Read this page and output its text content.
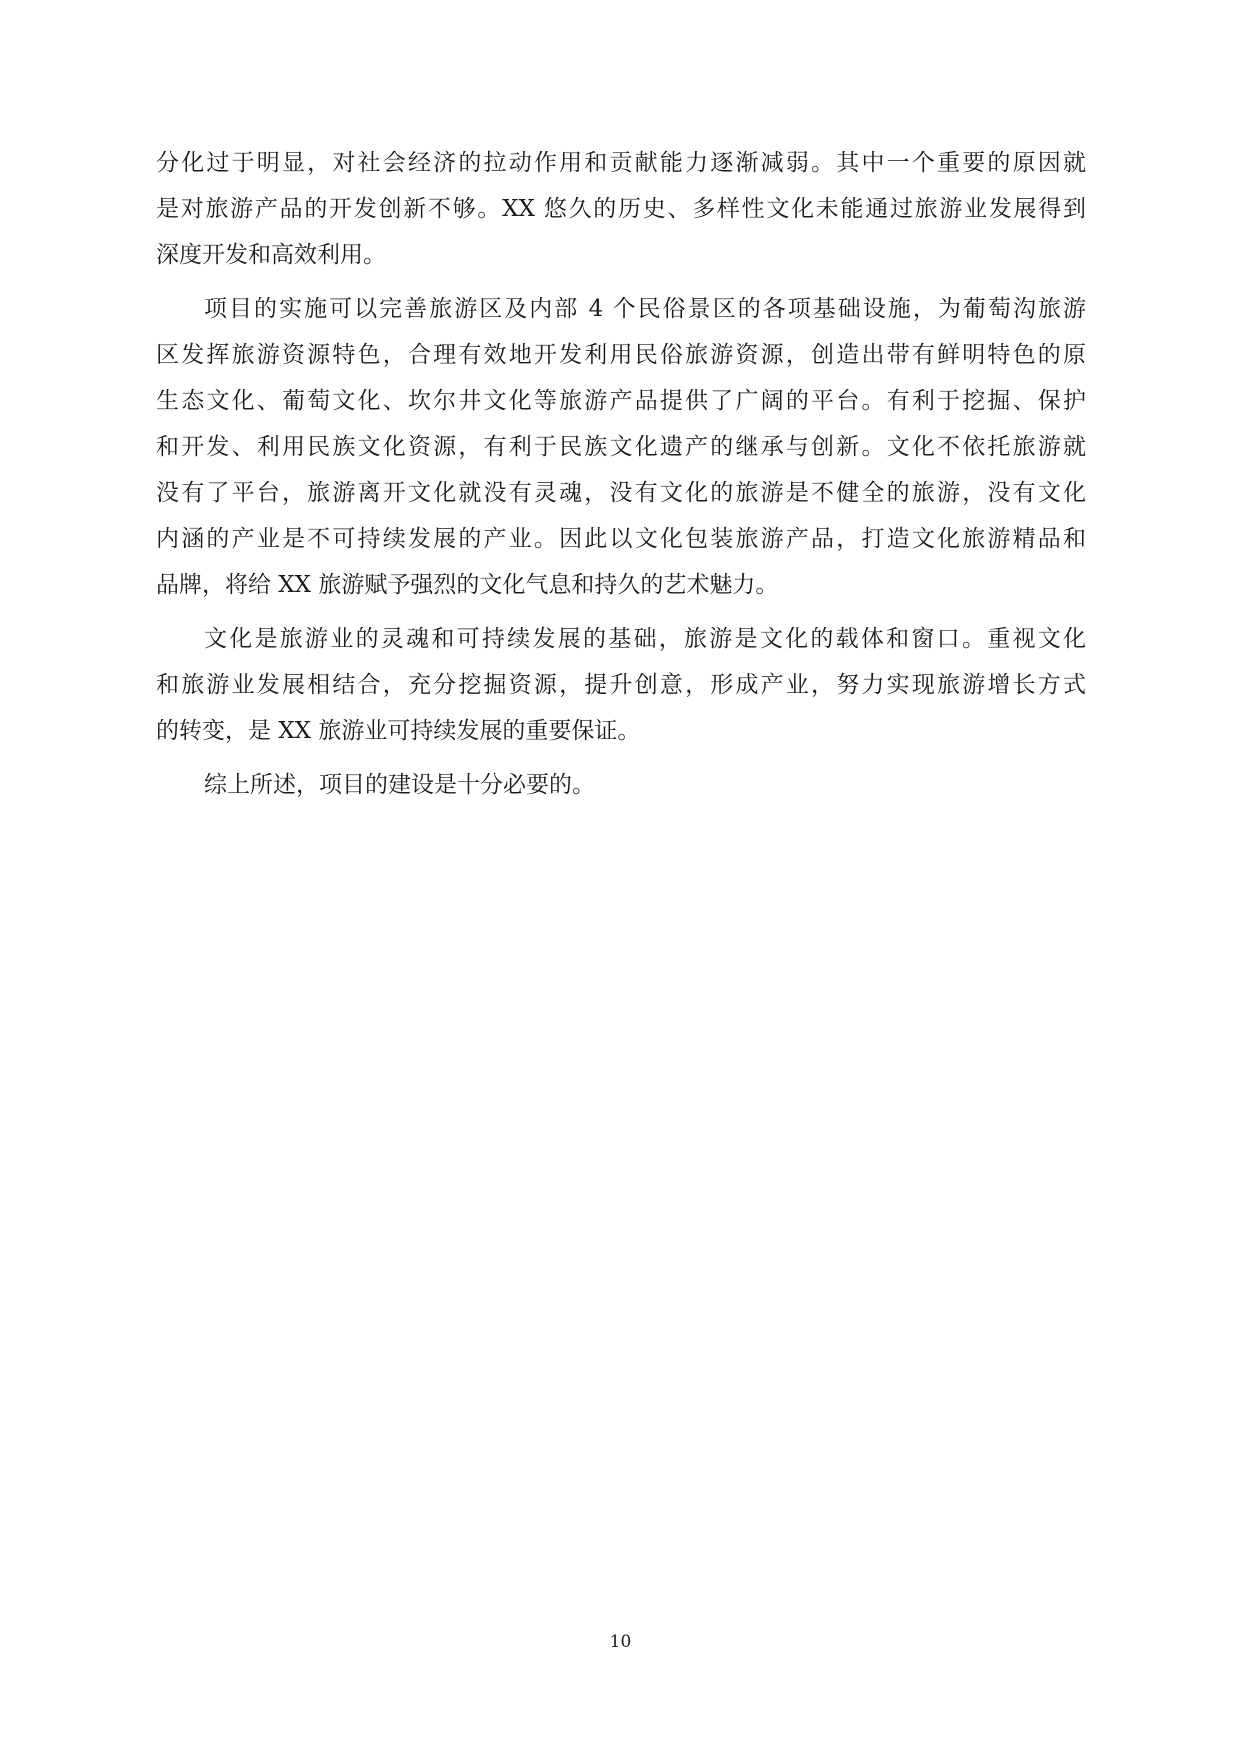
分化过于明显，对社会经济的拉动作用和贡献能力逐渐减弱。其中一个重要的原因就
是对旅游产品的开发创新不够。XX 悠久的历史、多样性文化未能通过旅游业发展得到
深度开发和高效利用。
项目的实施可以完善旅游区及内部 4 个民俗景区的各项基础设施，为葡萄沟旅游
区发挥旅游资源特色，合理有效地开发利用民俗旅游资源，创造出带有鲜明特色的原
生态文化、葡萄文化、坎尔井文化等旅游产品提供了广阔的平台。有利于挖掘、保护
和开发、利用民族文化资源，有利于民族文化遗产的继承与创新。文化不依托旅游就
没有了平台，旅游离开文化就没有灵魂，没有文化的旅游是不健全的旅游，没有文化
内涵的产业是不可持续发展的产业。因此以文化包装旅游产品，打造文化旅游精品和
品牌，将给 XX 旅游赋予强烈的文化气息和持久的艺术魅力。
文化是旅游业的灵魂和可持续发展的基础，旅游是文化的载体和窗口。重视文化
和旅游业发展相结合，充分挖掘资源，提升创意，形成产业，努力实现旅游增长方式
的转变，是 XX 旅游业可持续发展的重要保证。
综上所述，项目的建设是十分必要的。
10
